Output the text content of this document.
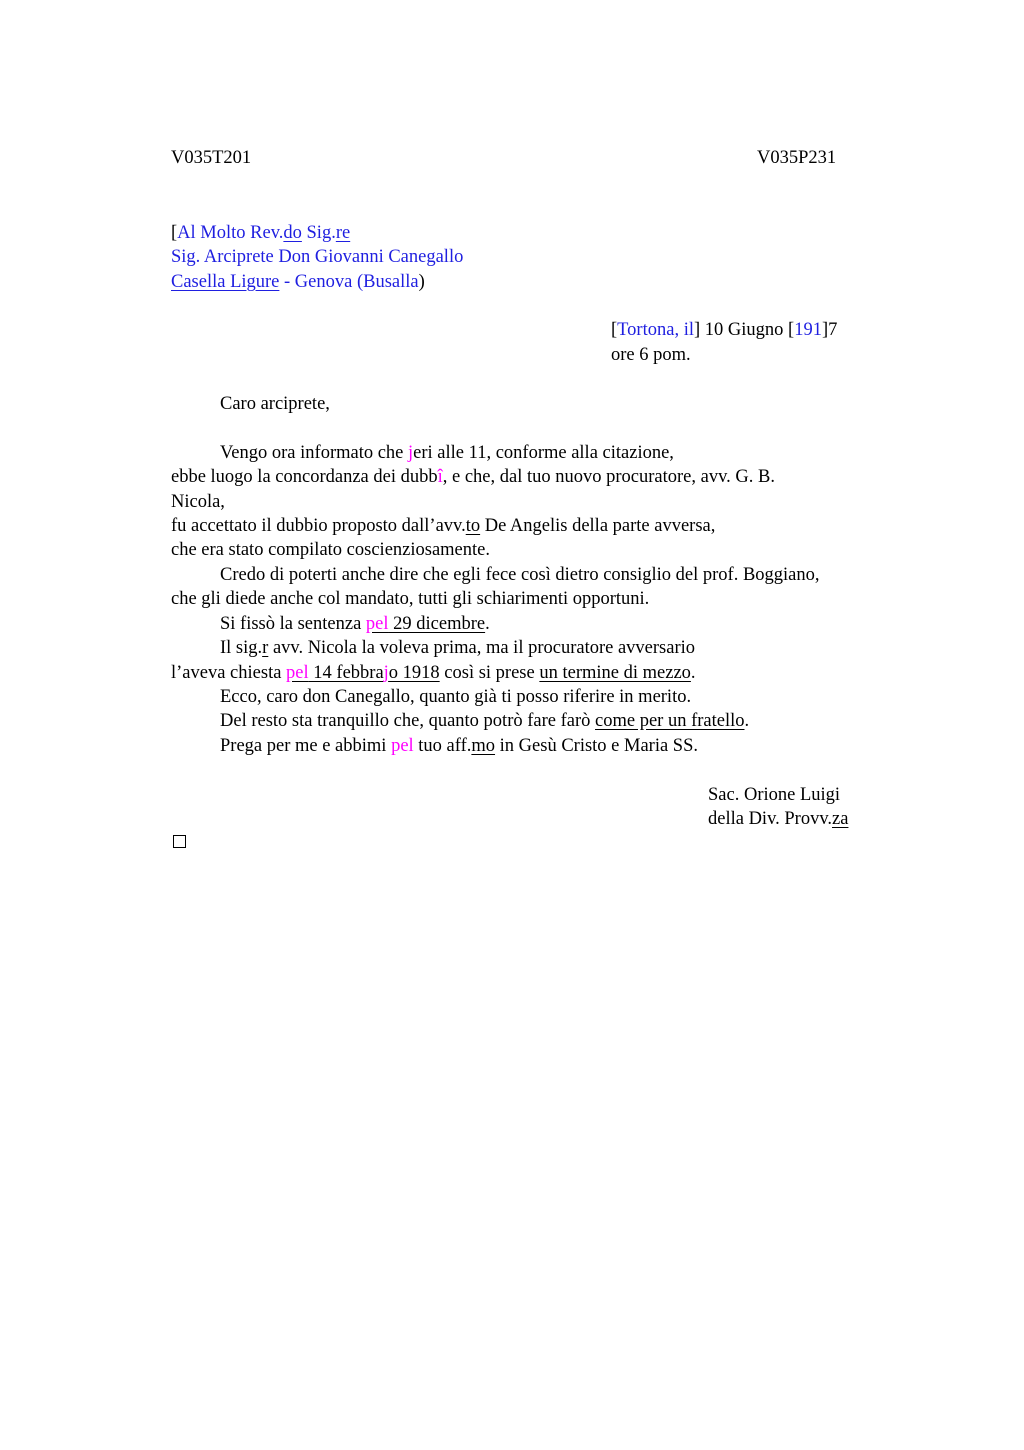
V035T201	V035P231
[Al Molto Rev.do Sig.re
Sig. Arciprete Don Giovanni Canegallo
Casella Ligure - Genova (Busalla)
[Tortona, il] 10 Giugno [191]7
ore 6 pom.
Caro arciprete,
Vengo ora informato che jeri alle 11, conforme alla citazione,
ebbe luogo la concordanza dei dubbî, e che, dal tuo nuovo procuratore, avv. G. B.
Nicola,
fu accettato il dubbio proposto dall’avv.to De Angelis della parte avversa,
che era stato compilato coscienziosamente.
Credo di poterti anche dire che egli fece così dietro consiglio del prof. Boggiano,
che gli diede anche col mandato, tutti gli schiarimenti opportuni.
Si fissò la sentenza pel 29 dicembre.
Il sig.r avv. Nicola la voleva prima, ma il procuratore avversario
l’aveva chiesta pel 14 febbrajo 1918 così si prese un termine di mezzo.
Ecco, caro don Canegallo, quanto già ti posso riferire in merito.
Del resto sta tranquillo che, quanto potrò fare farò come per un fratello.
Prega per me e abbimi pel tuo aff.mo in Gesù Cristo e Maria SS.
Sac. Orione Luigi
della Div. Provv.za
